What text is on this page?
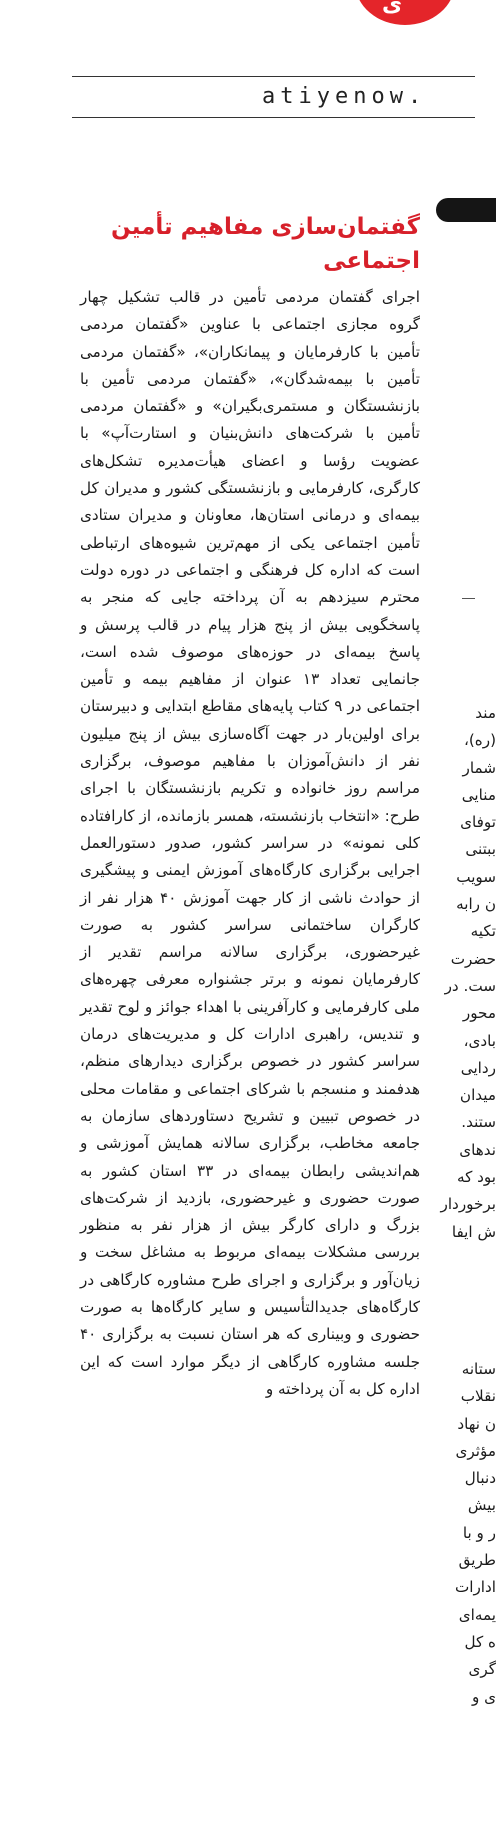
ی
atiyenow.
گفتمان‌سازی مفاهیم تأمین اجتماعی

اجرای گفتمان مردمی تأمین در قالب تشکیل چهار گروه مجازی اجتماعی با عناوین «گفتمان مردمی تأمین با کارفرمایان و پیمانکاران»، «گفتمان مردمی تأمین با بیمه‌شدگان»، «گفتمان مردمی تأمین با بازنشستگان و مستمری‌بگیران» و «گفتمان مردمی تأمین با شرکت‌های دانش‌بنیان و استارت‌آپ» با عضویت رؤسا و اعضای هیأت‌مدیره تشکل‌های کارگری، کارفرمایی و بازنشستگی کشور و مدیران کل بیمه‌ای و درمانی استان‌ها، معاونان و مدیران ستادی تأمین اجتماعی یکی از مهم‌ترین شیوه‌های ارتباطی است که اداره کل فرهنگی و اجتماعی در دوره دولت محترم سیزدهم به آن پرداخته جایی که منجر به پاسخگویی بیش از پنج هزار پیام در قالب پرسش و پاسخ بیمه‌ای در حوزه‌های موصوف شده است، جانمایی تعداد ۱۳ عنوان از مفاهیم بیمه و تأمین اجتماعی در ۹ کتاب پایه‌های مقاطع ابتدایی و دبیرستان برای اولین‌بار در جهت آگاه‌سازی بیش از پنج میلیون نفر از دانش‌آموزان با مفاهیم موصوف، برگزاری مراسم روز خانواده و تکریم بازنشستگان با اجرای طرح: «انتخاب بازنشسته، همسر بازمانده، از کارافتاده کلی نمونه» در سراسر کشور، صدور دستورالعمل اجرایی برگزاری کارگاه‌های آموزش ایمنی و پیشگیری از حوادث ناشی از کار جهت آموزش ۴۰ هزار نفر از کارگران ساختمانی سراسر کشور به صورت غیرحضوری، برگزاری سالانه مراسم تقدیر از کارفرمایان نمونه و برتر جشنواره معرفی چهره‌های ملی کارفرمایی و کارآفرینی با اهداء جوائز و لوح تقدیر و تندیس، راهبری ادارات کل و مدیریت‌های درمان سراسر کشور در خصوص برگزاری دیدارهای منظم، هدفمند و منسجم با شرکای اجتماعی و مقامات محلی در خصوص تبیین و تشریح دستاوردهای سازمان به جامعه مخاطب، برگزاری سالانه همایش آموزشی و هم‌اندیشی رابطان بیمه‌ای در ۳۳ استان کشور به صورت حضوری و غیرحضوری، بازدید از شرکت‌های بزرگ و دارای کارگر بیش از هزار نفر به منظور بررسی مشکلات بیمه‌ای مربوط به مشاغل سخت و زیان‌آور و برگزاری و اجرای طرح مشاوره کارگاهی در کارگاه‌های جدیدالتأسیس و سایر کارگاه‌ها به صورت حضوری و وبیناری که هر استان نسبت به برگزاری ۴۰ جلسه مشاوره کارگاهی از دیگر موارد است که این اداره کل به آن پرداخته و

مند
(ره)،
شمار
منایی
توفای
ببتنی
سویب
ن رابه
تکیه
حضرت
ست. در
محور
بادی،
ردایی
میدان
ستند.
ندهای
بود که
برخوردار
ش ایفا
ستانه
نقلاب
ن نهاد
مؤثری
دنبال
بیش
ر و با
طریق
ادارات
یمه‌ای
ه کل
گری
ی و
